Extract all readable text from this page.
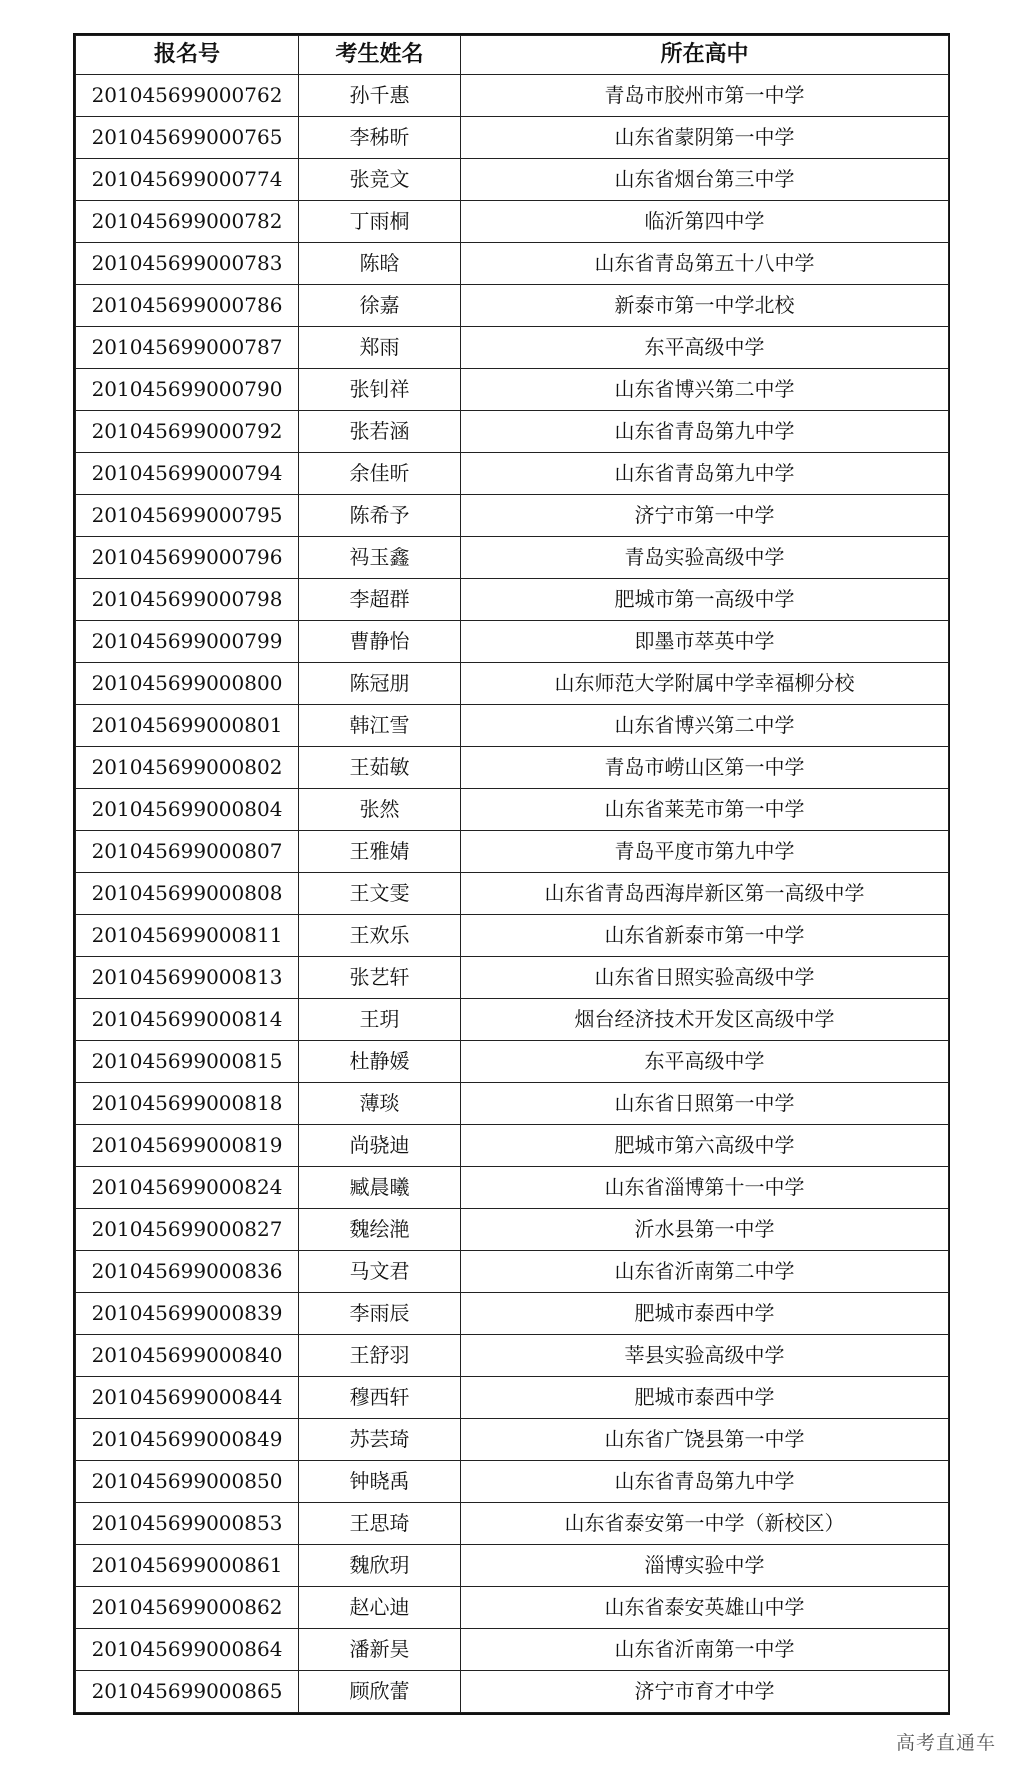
报名号	考生姓名	所在高中
201045699000762	孙千惠	青岛市胶州市第一中学
201045699000765	李秭昕	山东省蒙阴第一中学
201045699000774	张竞文	山东省烟台第三中学
201045699000782	丁雨桐	临沂第四中学
201045699000783	陈晗	山东省青岛第五十八中学
201045699000786	徐嘉	新泰市第一中学北校
201045699000787	郑雨	东平高级中学
201045699000790	张钊祥	山东省博兴第二中学
201045699000792	张若涵	山东省青岛第九中学
201045699000794	余佳昕	山东省青岛第九中学
201045699000795	陈希予	济宁市第一中学
201045699000796	祃玉鑫	青岛实验高级中学
201045699000798	李超群	肥城市第一高级中学
201045699000799	曹静怡	即墨市萃英中学
201045699000800	陈冠朋	山东师范大学附属中学幸福柳分校
201045699000801	韩江雪	山东省博兴第二中学
201045699000802	王茹敏	青岛市崂山区第一中学
201045699000804	张然	山东省莱芜市第一中学
201045699000807	王雅婧	青岛平度市第九中学
201045699000808	王文雯	山东省青岛西海岸新区第一高级中学
201045699000811	王欢乐	山东省新泰市第一中学
201045699000813	张艺轩	山东省日照实验高级中学
201045699000814	王玥	烟台经济技术开发区高级中学
201045699000815	杜静媛	东平高级中学
201045699000818	薄琰	山东省日照第一中学
201045699000819	尚骁迪	肥城市第六高级中学
201045699000824	臧晨曦	山东省淄博第十一中学
201045699000827	魏绘滟	沂水县第一中学
201045699000836	马文君	山东省沂南第二中学
201045699000839	李雨辰	肥城市泰西中学
201045699000840	王舒羽	莘县实验高级中学
201045699000844	穆西轩	肥城市泰西中学
201045699000849	苏芸琦	山东省广饶县第一中学
201045699000850	钟晓禹	山东省青岛第九中学
201045699000853	王思琦	山东省泰安第一中学（新校区）
201045699000861	魏欣玥	淄博实验中学
201045699000862	赵心迪	山东省泰安英雄山中学
201045699000864	潘新昊	山东省沂南第一中学
201045699000865	顾欣蕾	济宁市育才中学
高考直通车
